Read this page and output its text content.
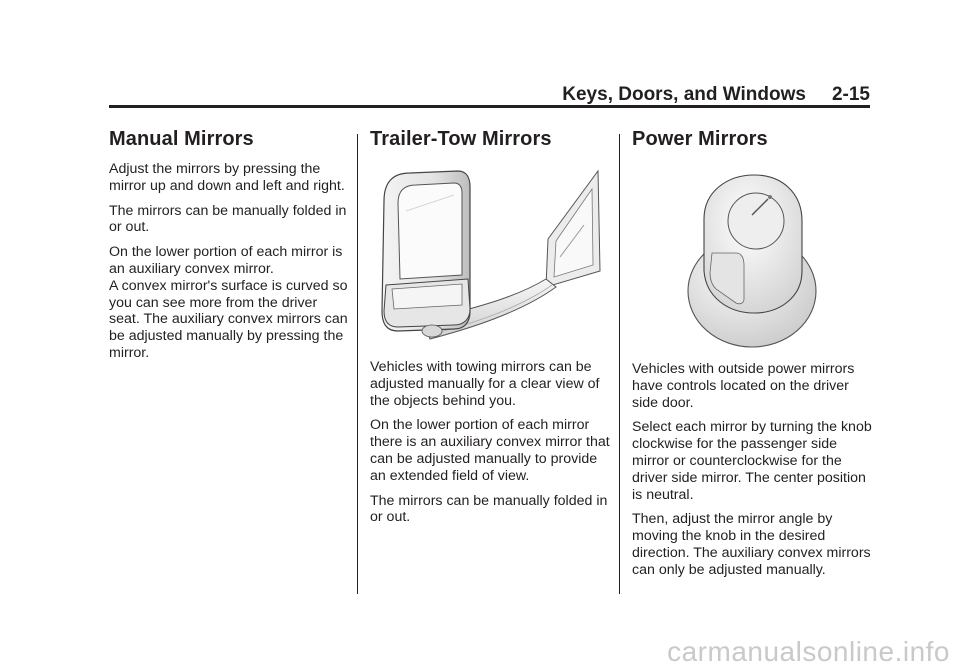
Keys, Doors, and Windows 2-15
Manual Mirrors

Adjust the mirrors by pressing the mirror up and down and left and right.

The mirrors can be manually folded in or out.

On the lower portion of each mirror is an auxiliary convex mirror.

A convex mirror's surface is curved so you can see more from the driver seat. The auxiliary convex mirrors can be adjusted manually by pressing the mirror.

Trailer-Tow Mirrors

Vehicles with towing mirrors can be adjusted manually for a clear view of the objects behind you.

On the lower portion of each mirror there is an auxiliary convex mirror that can be adjusted manually to provide an extended field of view.

The mirrors can be manually folded in or out.

Power Mirrors

Vehicles with outside power mirrors have controls located on the driver side door.

Select each mirror by turning the knob clockwise for the passenger side mirror or counterclockwise for the driver side mirror. The center position is neutral.

Then, adjust the mirror angle by moving the knob in the desired direction. The auxiliary convex mirrors can only be adjusted manually.

carmanualsonline.info
